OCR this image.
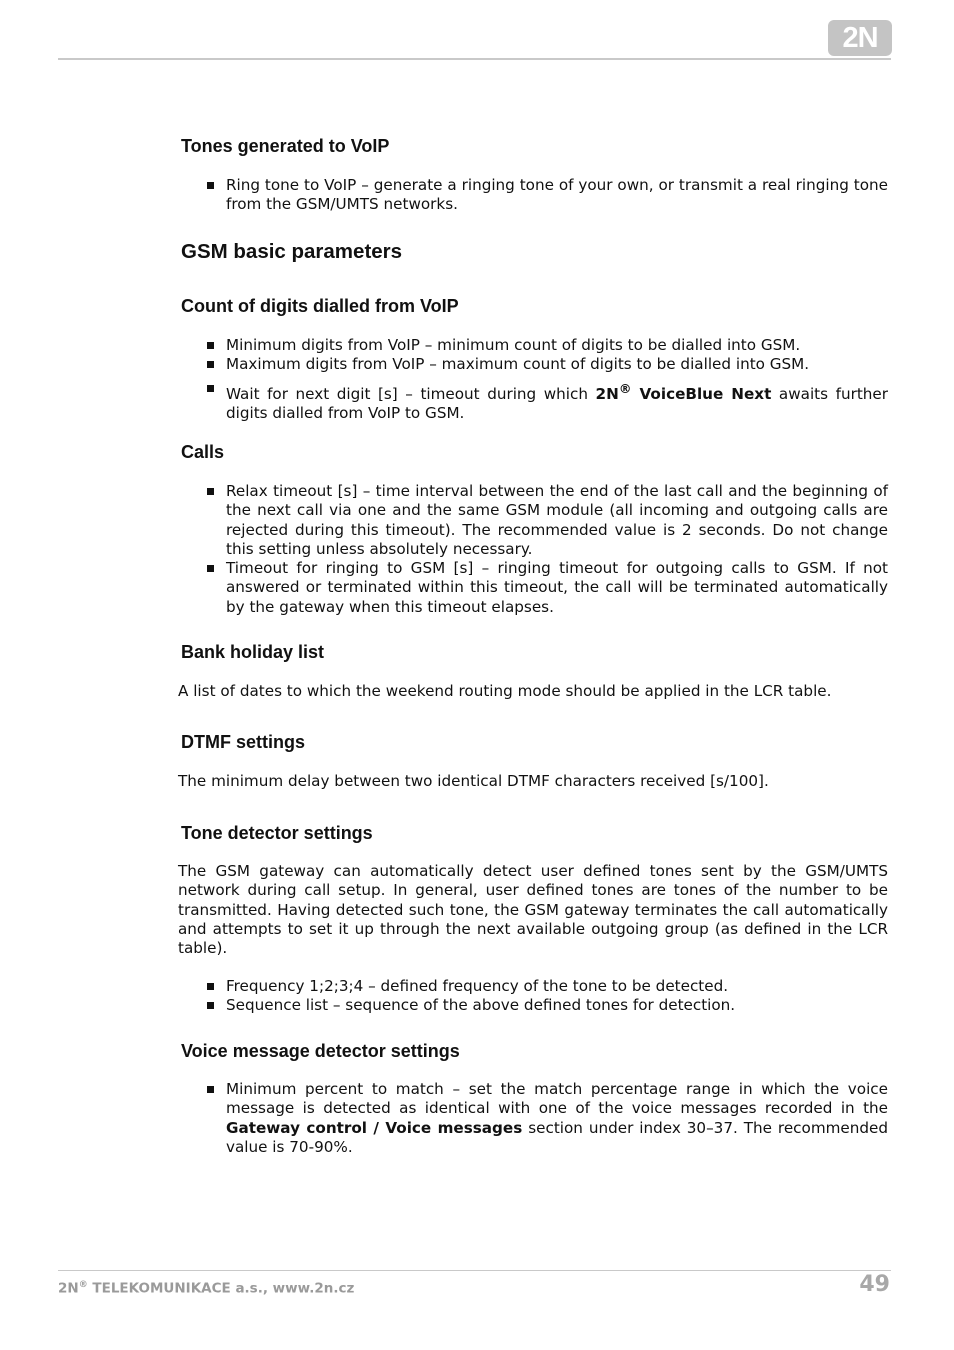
2N
Tones generated to VoIP
Ring tone to VoIP – generate a ringing tone of your own, or transmit a real ringing tone from the GSM/UMTS networks.
GSM basic parameters
Count of digits dialled from VoIP
Minimum digits from VoIP – minimum count of digits to be dialled into GSM.
Maximum digits from VoIP – maximum count of digits to be dialled into GSM.
Wait for next digit [s] – timeout during which 2N® VoiceBlue Next awaits further digits dialled from VoIP to GSM.
Calls
Relax timeout [s] – time interval between the end of the last call and the beginning of the next call via one and the same GSM module (all incoming and outgoing calls are rejected during this timeout). The recommended value is 2 seconds. Do not change this setting unless absolutely necessary.
Timeout for ringing to GSM [s] – ringing timeout for outgoing calls to GSM. If not answered or terminated within this timeout, the call will be terminated automatically by the gateway when this timeout elapses.
Bank holiday list
A list of dates to which the weekend routing mode should be applied in the LCR table.
DTMF settings
The minimum delay between two identical DTMF characters received [s/100].
Tone detector settings
The GSM gateway can automatically detect user defined tones sent by the GSM/UMTS network during call setup. In general, user defined tones are tones of the number to be transmitted. Having detected such tone, the GSM gateway terminates the call automatically and attempts to set it up through the next available outgoing group (as defined in the LCR table).
Frequency 1;2;3;4 – defined frequency of the tone to be detected.
Sequence list – sequence of the above defined tones for detection.
Voice message detector settings
Minimum percent to match – set the match percentage range in which the voice message is detected as identical with one of the voice messages recorded in the Gateway control / Voice messages section under index 30–37. The recommended value is 70-90%.
2N® TELEKOMUNIKACE a.s., www.2n.cz	49
